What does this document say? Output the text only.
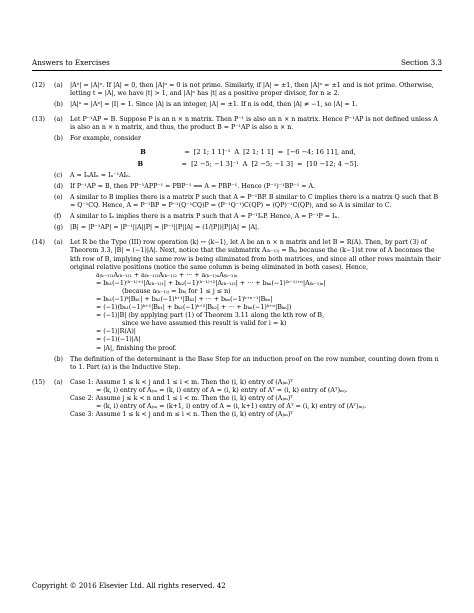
Answers to Exercises	Section 3.3
(12)	(a)	|Aⁿ| = |A|ⁿ. If |A| = 0, then |A|ⁿ = 0 is not prime. Similarly, if |A| = ±1, then |A|ⁿ = ±1 and is not prime. Otherwise, letting t = |A|, we have |t| > 1, and |A|ⁿ has |t| as a positive proper divisor, for n ≥ 2.
(b)	|A|ⁿ = |Aⁿ| = |I| = 1. Since |A| is an integer, |A| = ±1. If n is odd, then |A| ≠ −1, so |A| = 1.
(13)	(a)	Let P⁻¹AP = B. Suppose P is an n × n matrix. Then P⁻¹ is also an n × n matrix. Hence P⁻¹AP is not defined unless A is also an n × n matrix, and thus, the product B = P⁻¹AP is also n × n.
(b)	For example, consider
B	= [2 1; 1 1]⁻¹ A [2 1; 1 1] = [−6 −4; 16 11] , and,
B	= [2 −5; −1 3]⁻¹ A [2 −5; −1 3] = [10 −12; 4 −5] .
(c)	A = IₙAIₙ = Iₙ⁻¹AIₙ.
(d)	If P⁻¹AP = B, then PP⁻¹APP⁻¹ = PBP⁻¹ ⟹ A = PBP⁻¹. Hence (P⁻¹)⁻¹BP⁻¹ = A.
(e)	A similar to B implies there is a matrix P such that A = P⁻¹BP. B similar to C implies there is a matrix Q such that B = Q⁻¹CQ. Hence, A = P⁻¹BP = P⁻¹(Q⁻¹CQ)P = (P⁻¹Q⁻¹)C(QP) = (QP)⁻¹C(QP), and so A is similar to C.
(f)	A similar to Iₙ implies there is a matrix P such that A = P⁻¹IₙP. Hence, A = P⁻¹P = Iₙ.
(g)	|B| = |P⁻¹AP| = |P⁻¹||A||P| = |P⁻¹||P||A| = (1/|P|)|P||A| = |A|.
(14)	(a)	Let R be the Type (III) row operation ⟨k⟩ ↔ ⟨k−1⟩, let A be an n × n matrix and let B = R(A). Then, by part (3) of Theorem 3.3, |B| = (−1)|A|. Next, notice that the submatrix A₍ₖ₋₁₎ⱼ = Bₖⱼ because the (k−1)st row of A becomes the kth row of B, implying the same row is being eliminated from both matrices, and since all other rows maintain their original relative positions (notice the same column is being eliminated in both cases). Hence,
a₍ₖ₋₁₎₁A₍ₖ₋₁₎₁ + a₍ₖ₋₁₎₂A₍ₖ₋₁₎₂ + ··· + a₍ₖ₋₁₎ₙA₍ₖ₋₁₎ₙ
= bₖ₁(−1)⁽ᵏ⁻¹⁾⁺¹|A₍ₖ₋₁₎₁| + bₖ₂(−1)⁽ᵏ⁻¹⁾⁺²|A₍ₖ₋₁₎₂| + ··· + bₖₙ(−1)⁽ᵏ⁻¹⁾⁺ⁿ|A₍ₖ₋₁₎ₙ|
(because a₍ₖ₋₁₎ⱼ = bₖⱼ for 1 ≤ j ≤ n)
= bₖ₁(−1)ᵏ|Bₖ₁| + bₖ₂(−1)ᵏ⁺¹|Bₖ₂| + ··· + bₖₙ(−1)ᵏ⁺ⁿ⁻¹|Bₖₙ|
= (−1)(bₖ₁(−1)ᵏ⁺¹|Bₖ₁| + bₖ₂(−1)ᵏ⁺²|Bₖ₂| + ··· + bₖₙ(−1)ᵏ⁺ⁿ|Bₖₙ|)
= (−1)|B| (by applying part (1) of Theorem 3.11 along the kth row of B,
since we have assumed this result is valid for i = k)
= (−1)|R(A)|
= (−1)(−1)|A|
= |A|, finishing the proof.
(b)	The definition of the determinant is the Base Step for an induction proof on the row number, counting down from n to 1. Part (a) is the Inductive Step.
(15)	(a)	Case 1: Assume 1 ≤ k < j and 1 ≤ i < m. Then the (i, k) entry of (Aⱼₘ)ᵀ
= (k, i) entry of Aⱼₘ = (k, i) entry of A = (i, k) entry of Aᵀ = (i, k) entry of (Aᵀ)ₘⱼ.
Case 2: Assume j ≤ k < n and 1 ≤ i < m. Then the (i, k) entry of (Aⱼₘ)ᵀ
= (k, i) entry of Aⱼₘ = (k+1, i) entry of A = (i, k+1) entry of Aᵀ = (i, k) entry of (Aᵀ)ₘⱼ.
Case 3: Assume 1 ≤ k < j and m ≤ i < n. Then the (i, k) entry of (Aⱼₘ)ᵀ
Copyright © 2016 Elsevier Ltd. All rights reserved. 42
